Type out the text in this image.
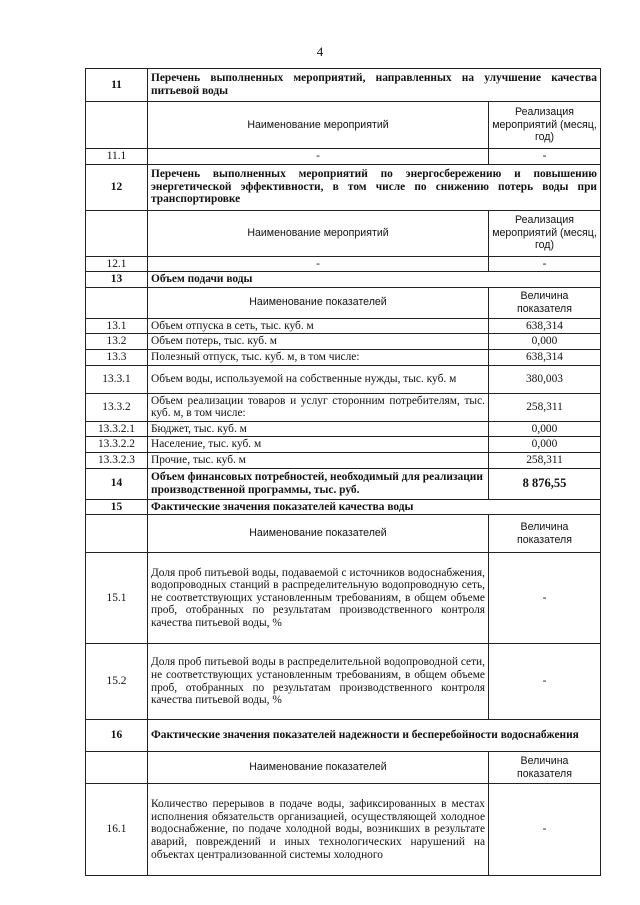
4
11	Перечень выполненных мероприятий, направленных на улучшение качества питьевой воды	
	Наименование мероприятий	Реализация мероприятий (месяц, год)
11.1	-	-
12	Перечень выполненных мероприятий по энергосбережению и повышению энергетической эффективности, в том числе по снижению потерь воды при транспортировке	
	Наименование мероприятий	Реализация мероприятий (месяц, год)
12.1	-	-
13	Объем подачи воды	
	Наименование показателей	Величина показателя
13.1	Объем отпуска в сеть, тыс. куб. м	638,314
13.2	Объем потерь, тыс. куб. м	0,000
13.3	Полезный отпуск, тыс. куб. м, в том числе:	638,314
13.3.1	Объем воды, используемой на собственные нужды, тыс. куб. м	380,003
13.3.2	Объем реализации товаров и услуг сторонним потребителям, тыс. куб. м, в том числе:	258,311
13.3.2.1	Бюджет, тыс. куб. м	0,000
13.3.2.2	Население, тыс. куб. м	0,000
13.3.2.3	Прочие, тыс. куб. м	258,311
14	Объем финансовых потребностей, необходимый для реализации производственной программы, тыс. руб.	8 876,55
15	Фактические значения показателей качества воды	
	Наименование показателей	Величина показателя
15.1	Доля проб питьевой воды, подаваемой с источников водоснабжения, водопроводных станций в распределительную водопроводную сеть, не соответствующих установленным требованиям, в общем объеме проб, отобранных по результатам производственного контроля качества питьевой воды, %	-
15.2	Доля проб питьевой воды в распределительной водопроводной сети, не соответствующих установленным требованиям, в общем объеме проб, отобранных по результатам производственного контроля качества питьевой воды, %	-
16	Фактические значения показателей надежности и бесперебойности водоснабжения	
	Наименование показателей	Величина показателя
16.1	Количество перерывов в подаче воды, зафиксированных в местах исполнения обязательств организацией, осуществляющей холодное водоснабжение, по подаче холодной воды, возникших в результате аварий, повреждений и иных технологических нарушений на объектах централизованной системы холодного	-
